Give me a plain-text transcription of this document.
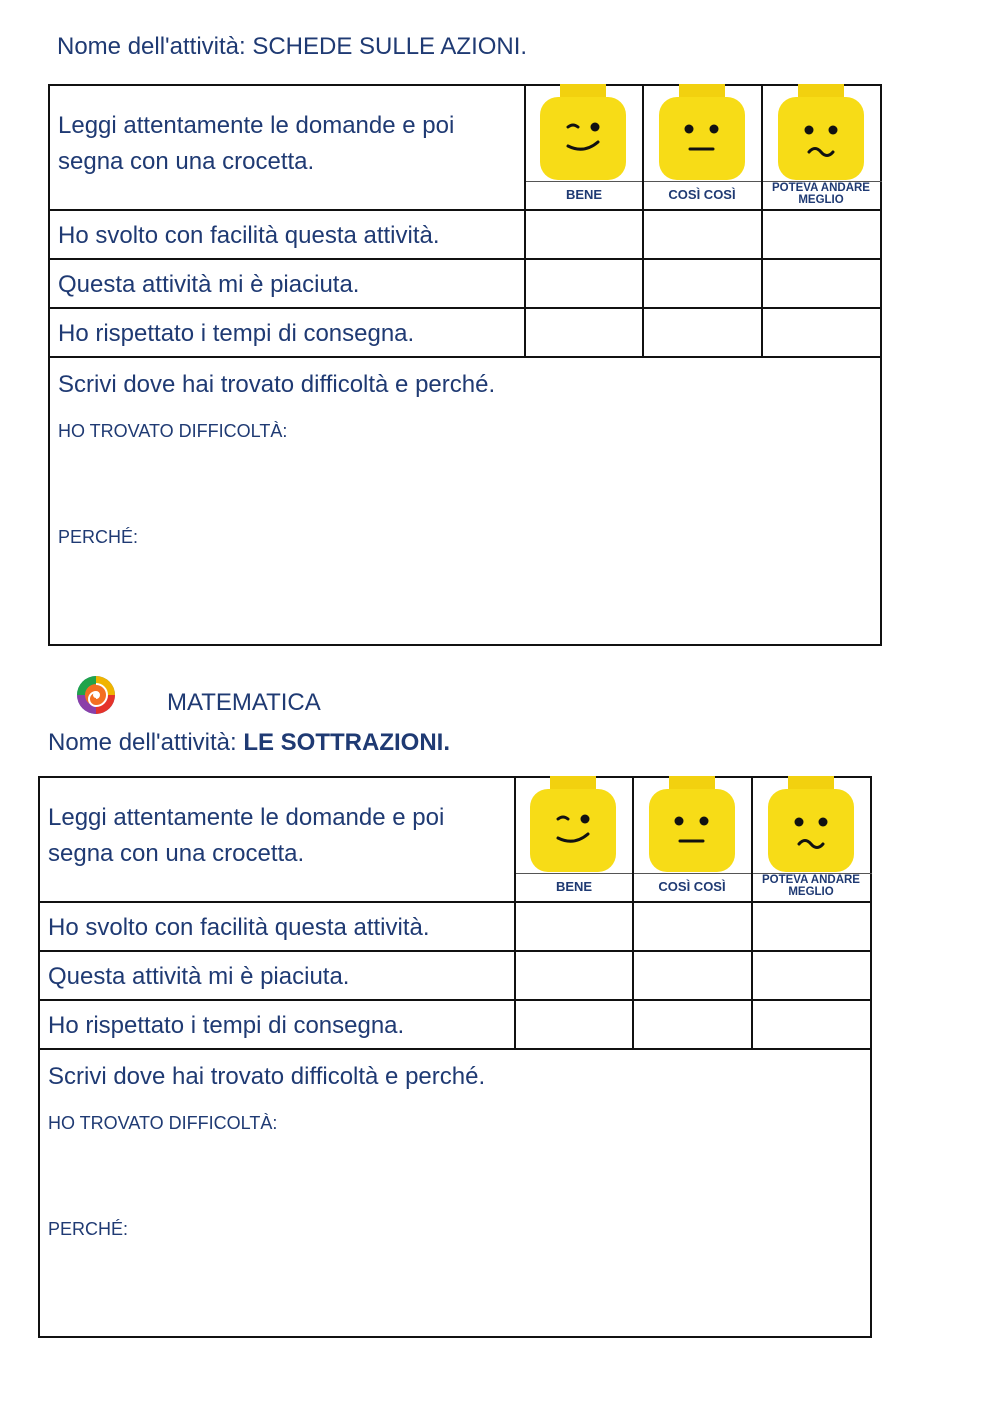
Nome dell'attività: SCHEDE SULLE AZIONI.
Leggi attentamente le domande e poi
segna con una crocetta.
BENE	COSÌ COSÌ	POTEVA ANDARE MEGLIO
Ho svolto con facilità questa attività.
Questa attività mi è piaciuta.
Ho rispettato i tempi di consegna.
Scrivi dove hai trovato difficoltà e perché.
HO TROVATO DIFFICOLTÀ:
PERCHÉ:
MATEMATICA
Nome dell'attività: LE SOTTRAZIONI.
Leggi attentamente le domande e poi
segna con una crocetta.
BENE	COSÌ COSÌ	POTEVA ANDARE MEGLIO
Ho svolto con facilità questa attività.
Questa attività mi è piaciuta.
Ho rispettato i tempi di consegna.
Scrivi dove hai trovato difficoltà e perché.
HO TROVATO DIFFICOLTÀ:
PERCHÉ:
